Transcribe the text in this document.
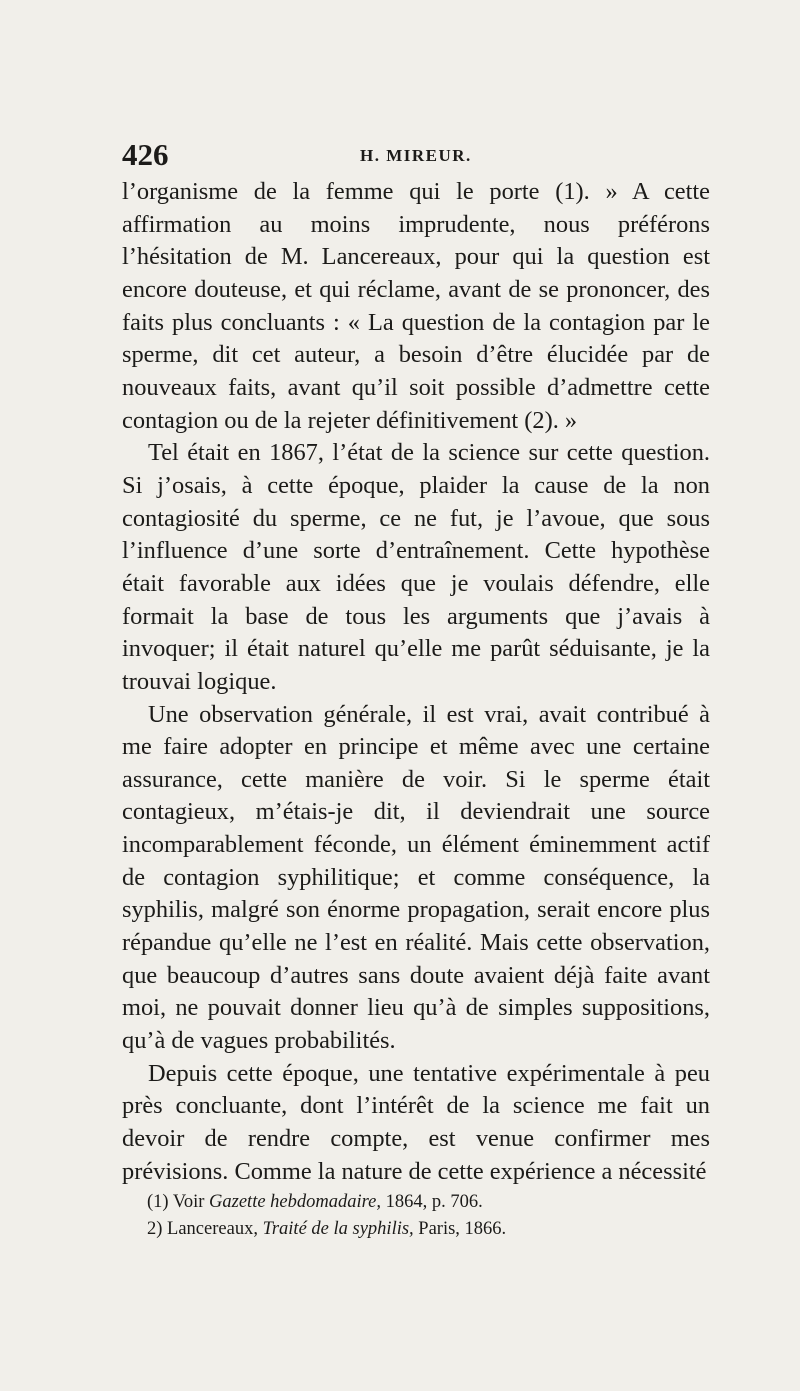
426	H. MIREUR.

l’organisme de la femme qui le porte (1). » A cette affirmation au moins imprudente, nous préférons l’hésitation de M. Lancereaux, pour qui la question est encore douteuse, et qui réclame, avant de se prononcer, des faits plus concluants : « La question de la contagion par le sperme, dit cet auteur, a besoin d’être élucidée par de nouveaux faits, avant qu’il soit possible d’admettre cette contagion ou de la rejeter définitivement (2). »

Tel était en 1867, l’état de la science sur cette question. Si j’osais, à cette époque, plaider la cause de la non contagiosité du sperme, ce ne fut, je l’avoue, que sous l’influence d’une sorte d’entraînement. Cette hypothèse était favorable aux idées que je voulais défendre, elle formait la base de tous les arguments que j’avais à invoquer; il était naturel qu’elle me parût séduisante, je la trouvai logique.

Une observation générale, il est vrai, avait contribué à me faire adopter en principe et même avec une certaine assurance, cette manière de voir. Si le sperme était contagieux, m’étais-je dit, il deviendrait une source incomparablement féconde, un élément éminemment actif de contagion syphilitique; et comme conséquence, la syphilis, malgré son énorme propagation, serait encore plus répandue qu’elle ne l’est en réalité. Mais cette observation, que beaucoup d’autres sans doute avaient déjà faite avant moi, ne pouvait donner lieu qu’à de simples suppositions, qu’à de vagues probabilités.

Depuis cette époque, une tentative expérimentale à peu près concluante, dont l’intérêt de la science me fait un devoir de rendre compte, est venue confirmer mes prévisions. Comme la nature de cette expérience a nécessité

(1) Voir Gazette hebdomadaire, 1864, p. 706.
2) Lancereaux, Traité de la syphilis, Paris, 1866.
